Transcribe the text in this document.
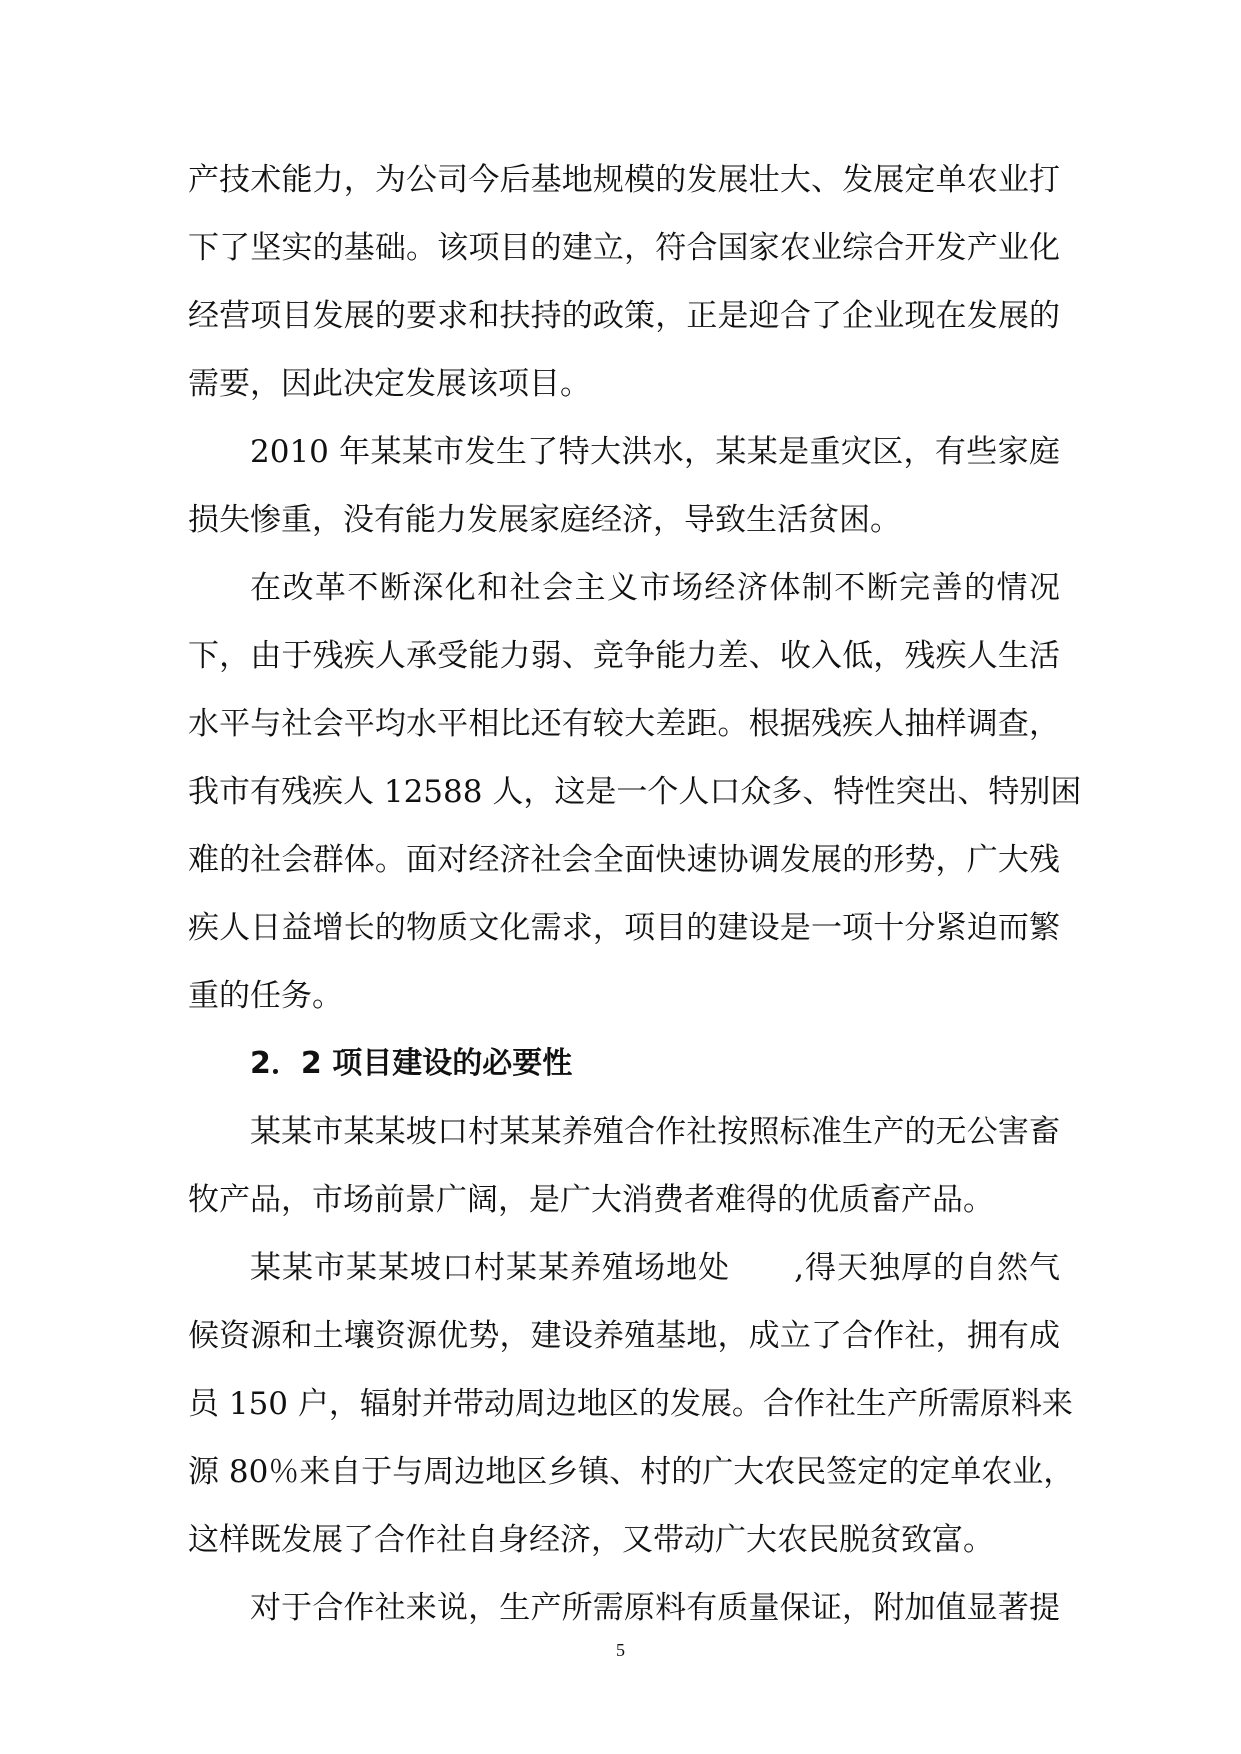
产技术能力，为公司今后基地规模的发展壮大、发展定单农业打
下了坚实的基础。该项目的建立，符合国家农业综合开发产业化
经营项目发展的要求和扶持的政策，正是迎合了企业现在发展的
需要，因此决定发展该项目。
2010 年某某市发生了特大洪水，某某是重灾区，有些家庭
损失惨重，没有能力发展家庭经济，导致生活贫困。
在改革不断深化和社会主义市场经济体制不断完善的情况
下，由于残疾人承受能力弱、竞争能力差、收入低，残疾人生活
水平与社会平均水平相比还有较大差距。根据残疾人抽样调查，
我市有残疾人 12588 人，这是一个人口众多、特性突出、特别困
难的社会群体。面对经济社会全面快速协调发展的形势，广大残
疾人日益增长的物质文化需求，项目的建设是一项十分紧迫而繁
重的任务。
2．2 项目建设的必要性
某某市某某坡口村某某养殖合作社按照标准生产的无公害畜
牧产品，市场前景广阔，是广大消费者难得的优质畜产品。
某某市某某坡口村某某养殖场地处　　,得天独厚的自然气
候资源和土壤资源优势，建设养殖基地，成立了合作社，拥有成
员 150 户，辐射并带动周边地区的发展。合作社生产所需原料来
源 80％来自于与周边地区乡镇、村的广大农民签定的定单农业，
这样既发展了合作社自身经济，又带动广大农民脱贫致富。
对于合作社来说，生产所需原料有质量保证，附加值显著提
5
